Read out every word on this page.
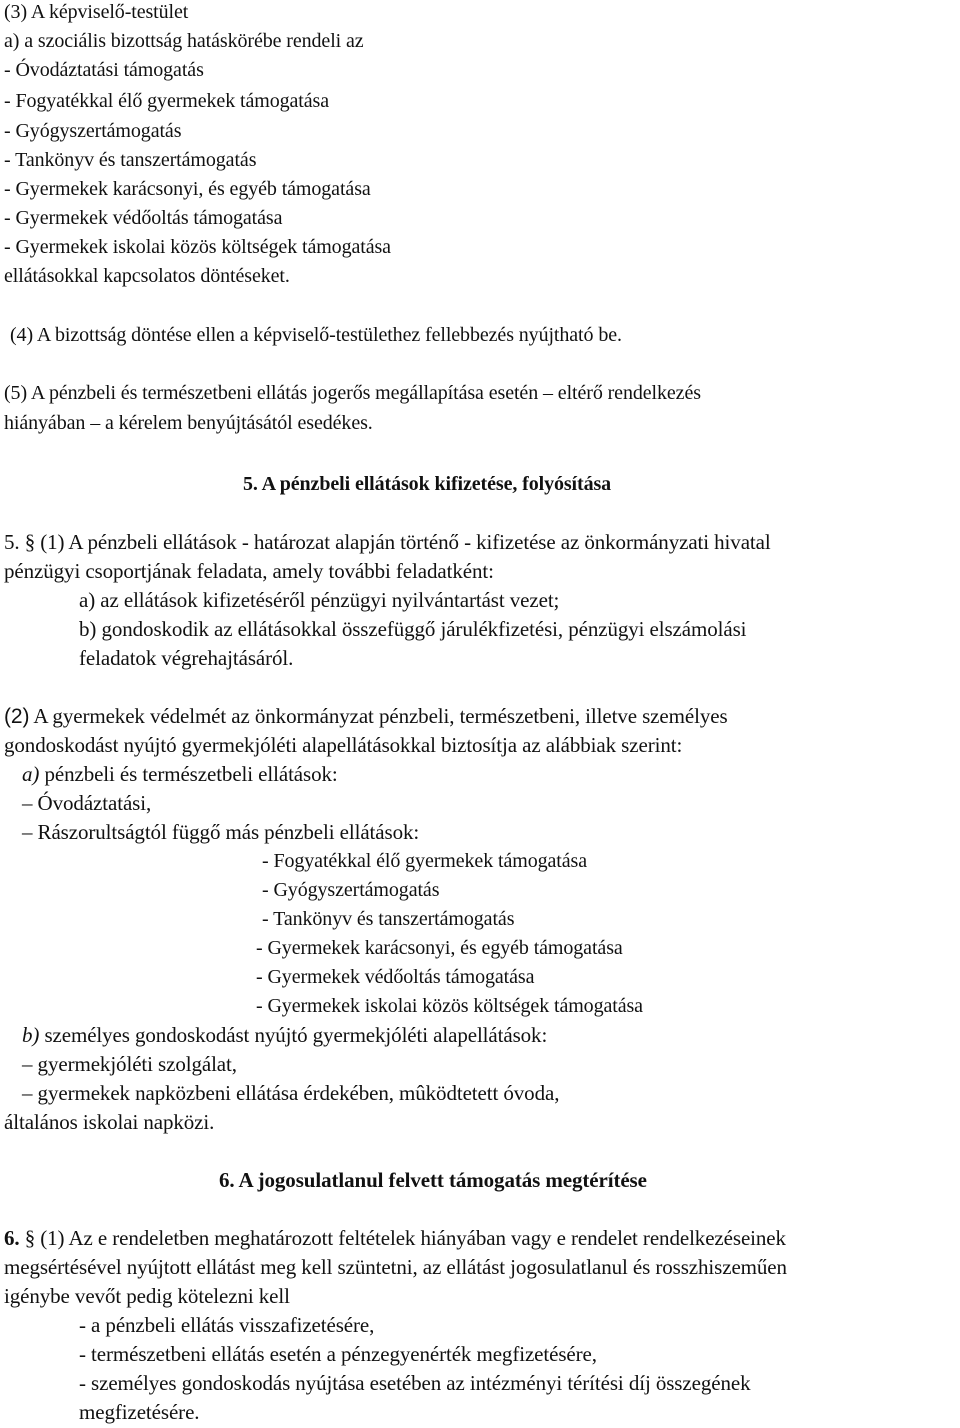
(3) A képviselő-testület
a) a szociális bizottság hatáskörébe rendeli az
- Óvodáztatási támogatás
- Fogyatékkal élő gyermekek támogatása
- Gyógyszertámogatás
- Tankönyv és tanszertámogatás
- Gyermekek karácsonyi, és egyéb támogatása
- Gyermekek védőoltás támogatása
- Gyermekek iskolai közös költségek támogatása
ellátásokkal kapcsolatos döntéseket.
(4) A bizottság döntése ellen a képviselő-testülethez fellebbezés nyújtható be.
(5) A pénzbeli és természetbeni ellátás jogerős megállapítása esetén – eltérő rendelkezés
hiányában – a kérelem benyújtásától esedékes.
5. A pénzbeli ellátások kifizetése, folyósítása
5. § (1) A pénzbeli ellátások - határozat alapján történő - kifizetése az önkormányzati hivatal
pénzügyi csoportjának feladata, amely további feladatként:
a) az ellátások kifizetéséről pénzügyi nyilvántartást vezet;
b) gondoskodik az ellátásokkal összefüggő járulékfizetési, pénzügyi elszámolási
feladatok végrehajtásáról.
(2) A gyermekek védelmét az önkormányzat pénzbeli, természetbeni, illetve személyes
gondoskodást nyújtó gyermekjóléti alapellátásokkal biztosítja az alábbiak szerint:
a) pénzbeli és természetbeli ellátások:
– Óvodáztatási,
– Rászorultságtól függő más pénzbeli ellátások:
- Fogyatékkal élő gyermekek támogatása
- Gyógyszertámogatás
- Tankönyv és tanszertámogatás
- Gyermekek karácsonyi, és egyéb támogatása
- Gyermekek védőoltás támogatása
- Gyermekek iskolai közös költségek támogatása
b) személyes gondoskodást nyújtó gyermekjóléti alapellátások:
– gyermekjóléti szolgálat,
– gyermekek napközbeni ellátása érdekében, mûködtetett óvoda,
általános iskolai napközi.
6. A jogosulatlanul felvett támogatás megtérítése
6. § (1) Az e rendeletben meghatározott feltételek hiányában vagy e rendelet rendelkezéseinek
megsértésével nyújtott ellátást meg kell szüntetni, az ellátást jogosulatlanul és rosszhiszeműen
igénybe vevőt pedig kötelezni kell
- a pénzbeli ellátás visszafizetésére,
- természetbeni ellátás esetén a pénzegyenérték megfizetésére,
- személyes gondoskodás nyújtása esetében az intézményi térítési díj összegének
megfizetésére.
